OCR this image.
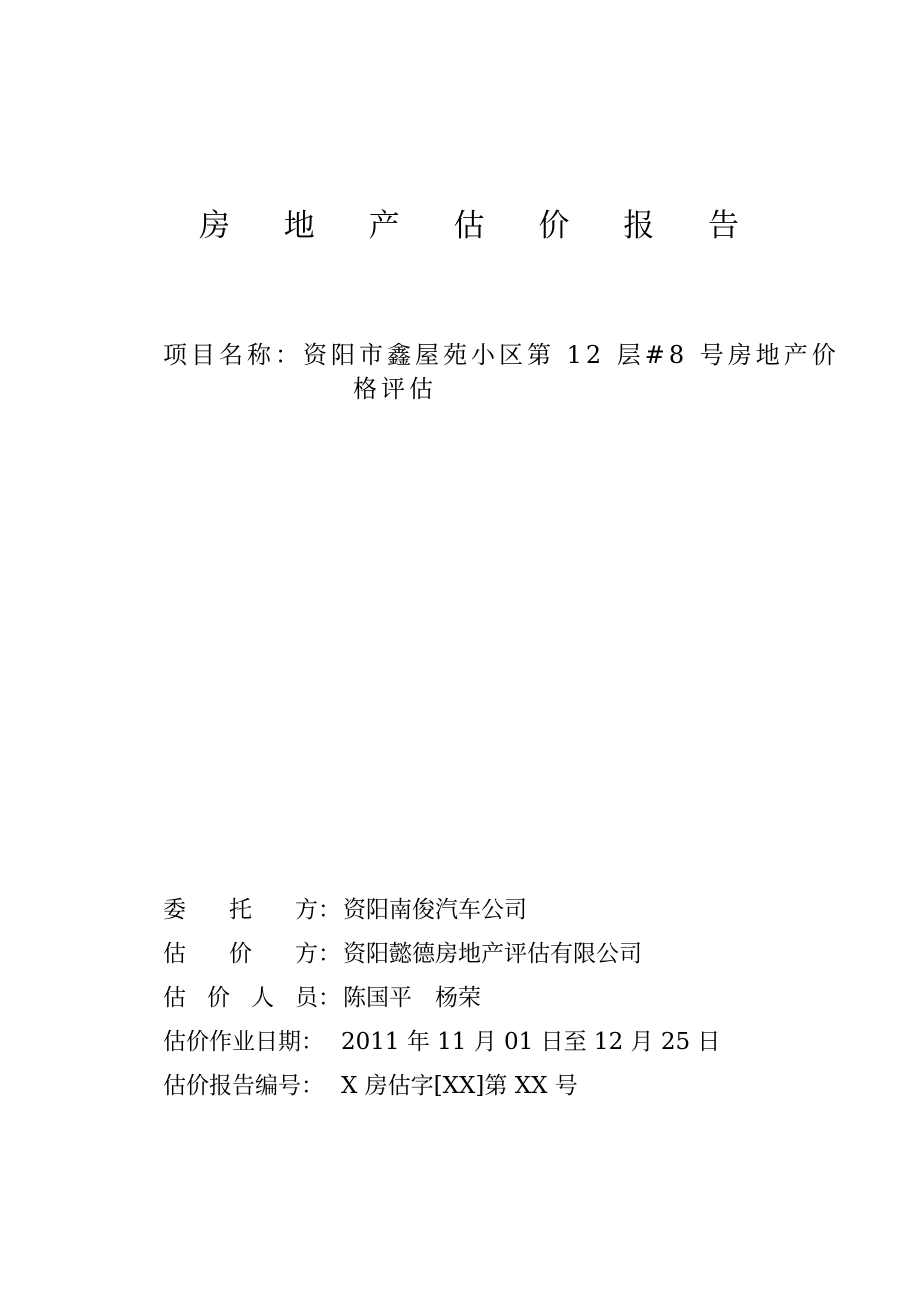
房 地 产 估 价 报 告
项目名称：资阳市鑫屋苑小区第 12 层#8 号房地产价
格评估
委 托 方： 资阳南俊汽车公司
估 价 方： 资阳懿德房地产评估有限公司
估 价 人 员： 陈国平　杨荣
估价作业日期： 2011 年 11 月 01 日至 12 月 25 日
估价报告编号： X 房估字[XX]第 XX 号
